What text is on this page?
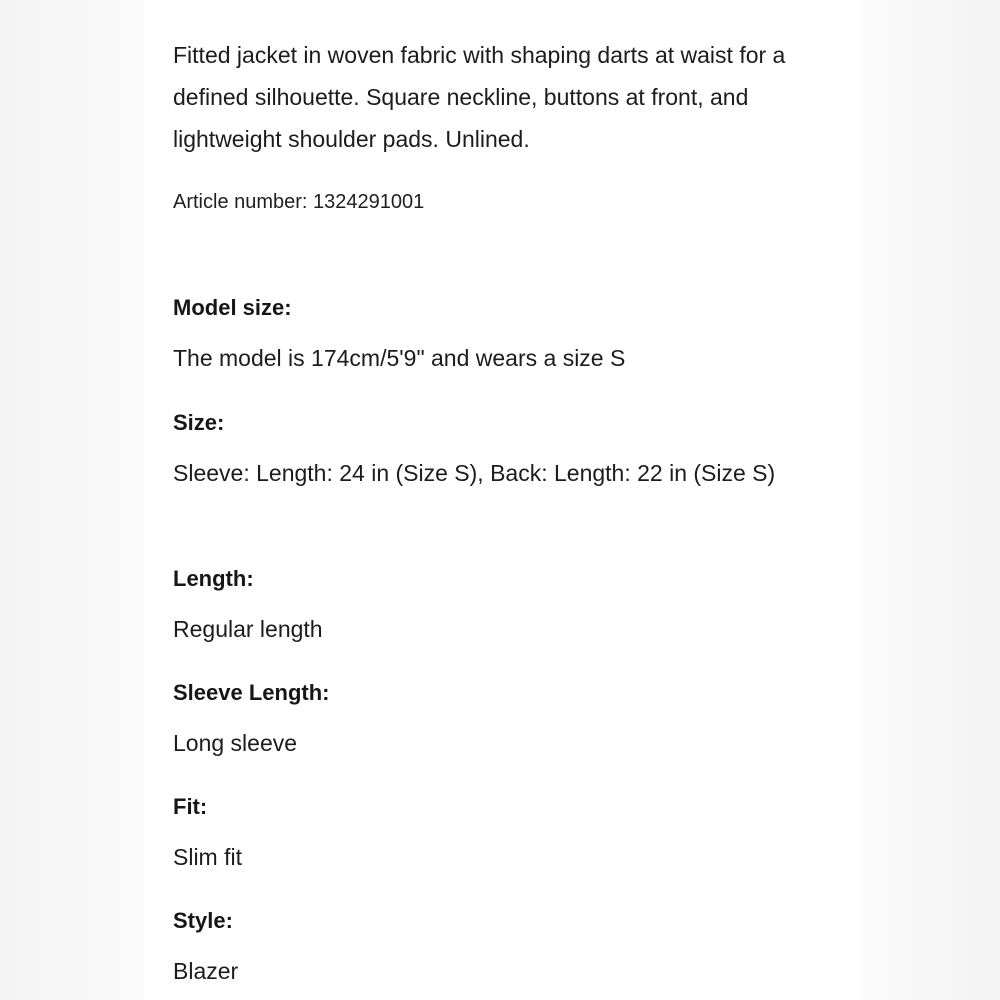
Fitted jacket in woven fabric with shaping darts at waist for a defined silhouette. Square neckline, buttons at front, and lightweight shoulder pads. Unlined.

Article number: 1324291001

Model size:

The model is 174cm/5'9" and wears a size S

Size:

Sleeve: Length: 24 in (Size S), Back: Length: 22 in (Size S)

Length:

Regular length

Sleeve Length:

Long sleeve

Fit:

Slim fit

Style:

Blazer
